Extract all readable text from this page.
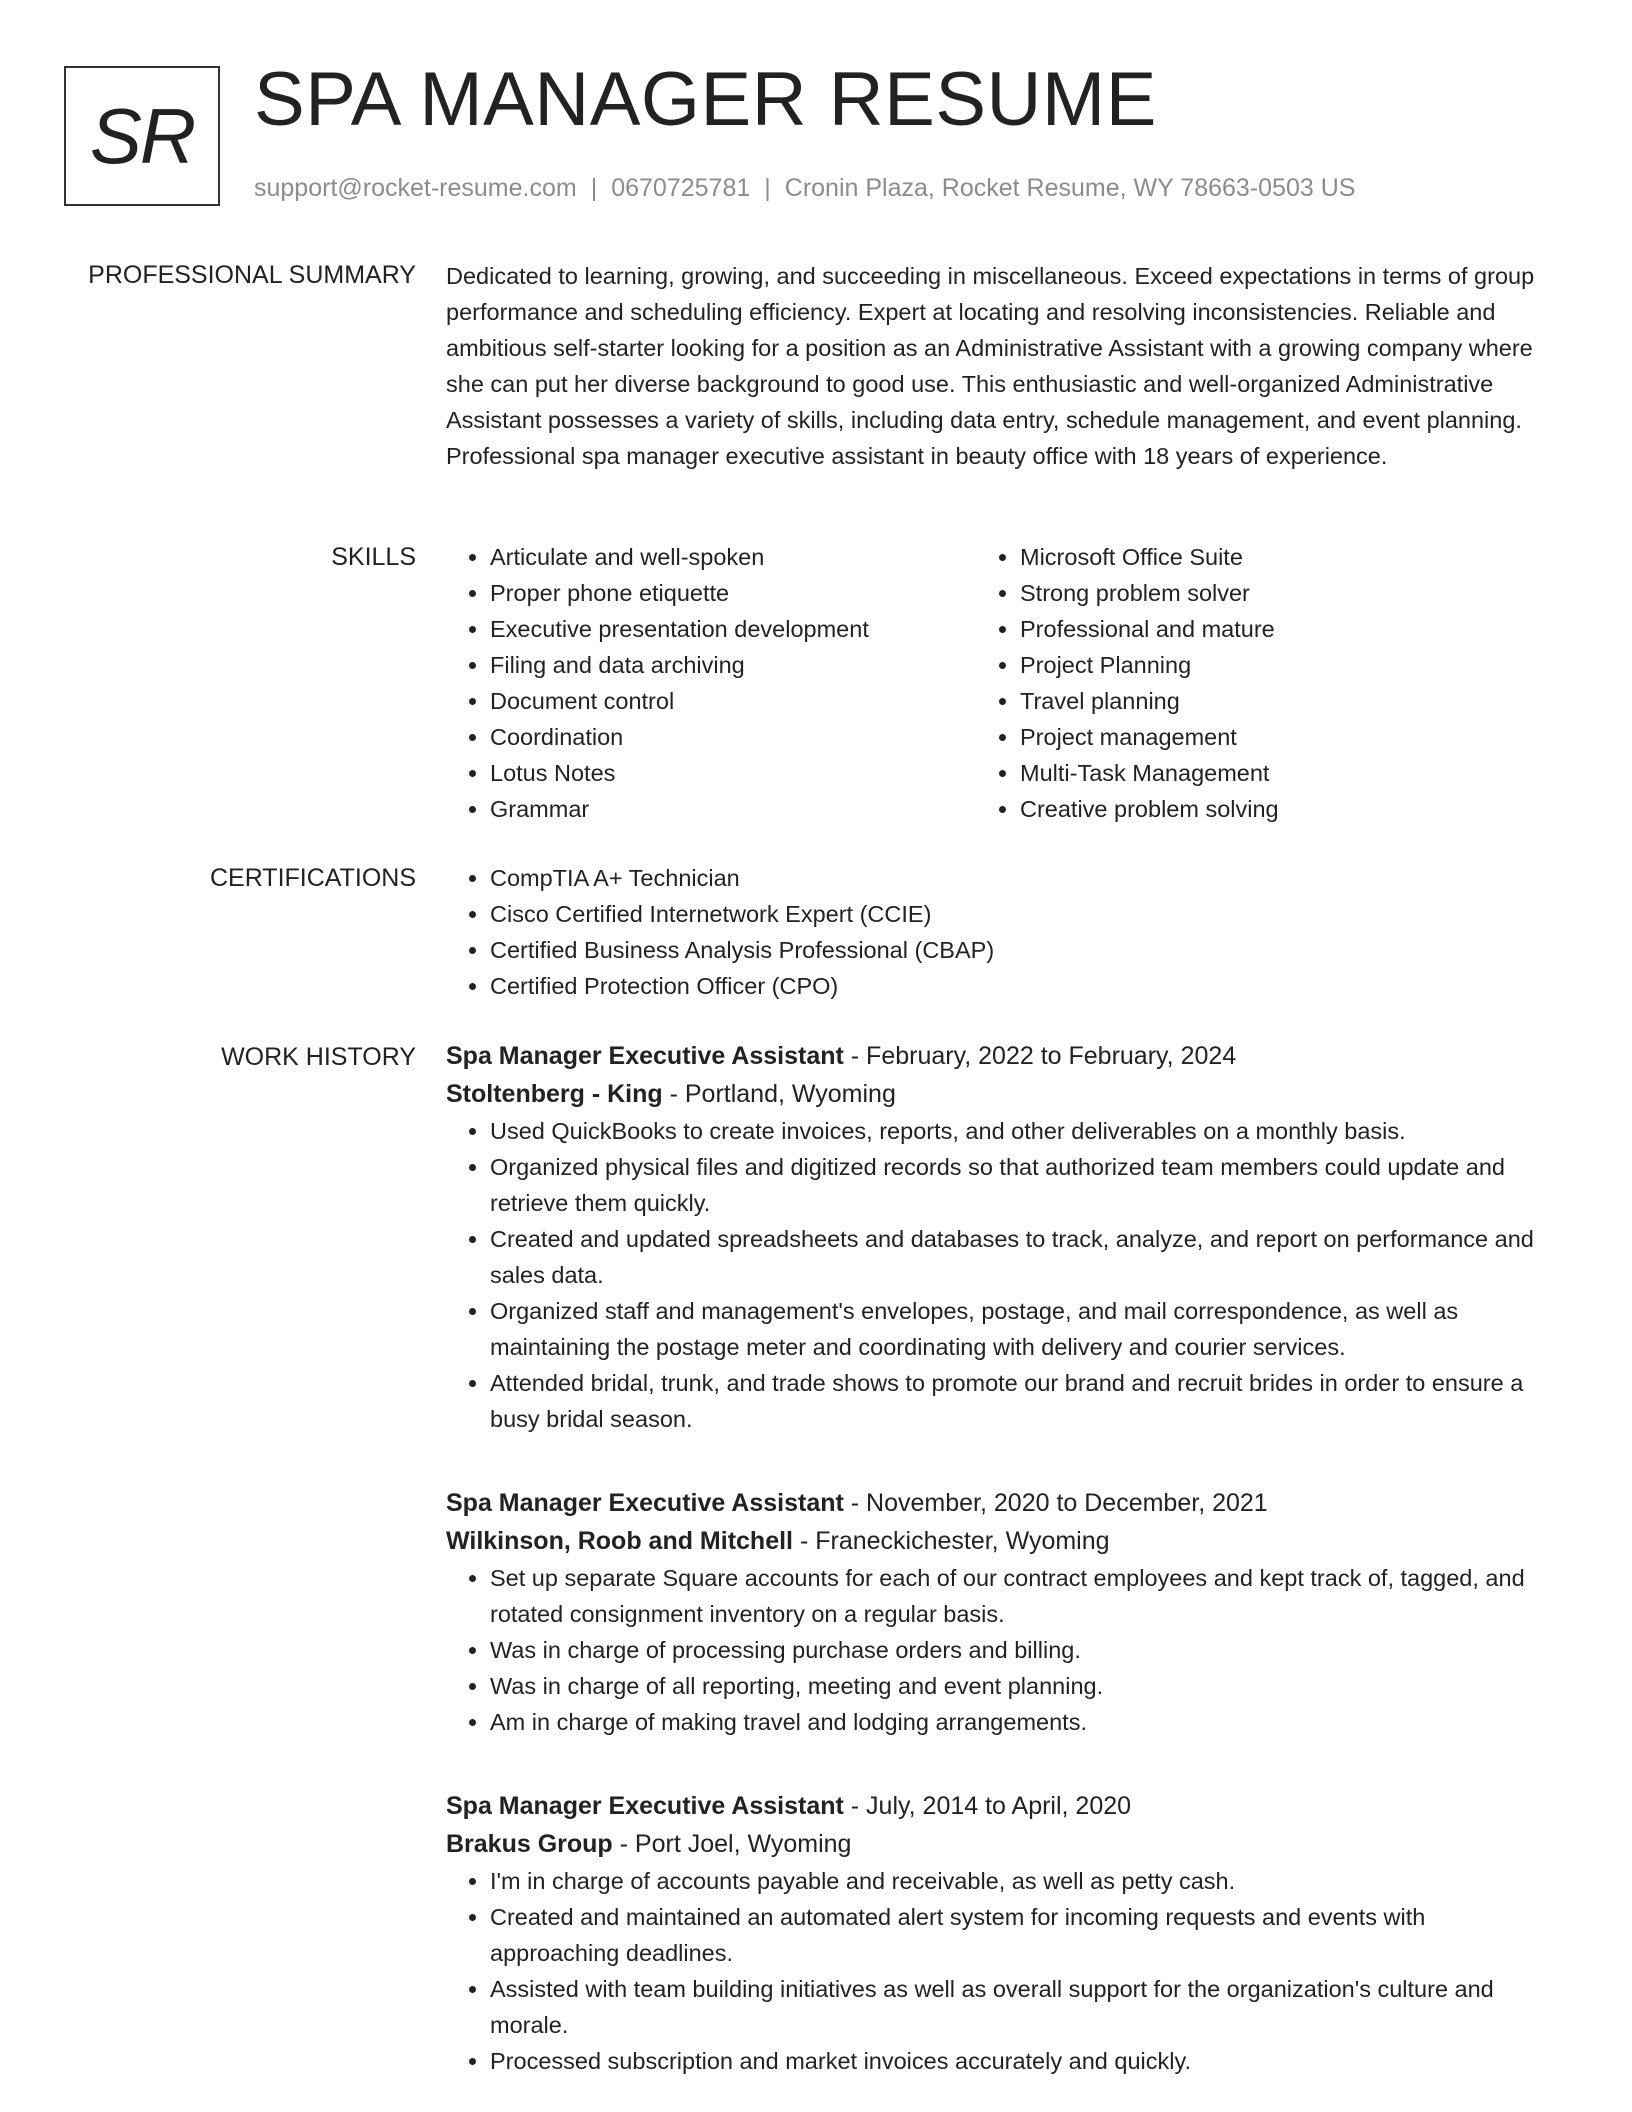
SR SPA MANAGER RESUME
support@rocket-resume.com | 0670725781 | Cronin Plaza, Rocket Resume, WY 78663-0503 US
PROFESSIONAL SUMMARY Dedicated to learning, growing, and succeeding in miscellaneous. Exceed expectations in terms of group performance and scheduling efficiency. Expert at locating and resolving inconsistencies. Reliable and ambitious self-starter looking for a position as an Administrative Assistant with a growing company where she can put her diverse background to good use. This enthusiastic and well-organized Administrative Assistant possesses a variety of skills, including data entry, schedule management, and event planning. Professional spa manager executive assistant in beauty office with 18 years of experience.

SKILLS	• Articulate and well-spoken
• Proper phone etiquette
• Executive presentation development
• Filing and data archiving
• Document control
• Coordination
• Lotus Notes
• Grammar
• Microsoft Office Suite
• Strong problem solver
• Professional and mature
• Project Planning
• Travel planning
• Project management
• Multi-Task Management
• Creative problem solving
CERTIFICATIONS	• CompTIA A+ Technician
• Cisco Certified Internetwork Expert (CCIE)
• Certified Business Analysis Professional (CBAP)
• Certified Protection Officer (CPO)
WORK HISTORY Spa Manager Executive Assistant - February, 2022 to February, 2024

Stoltenberg - King - Portland, Wyoming

• Used QuickBooks to create invoices, reports, and other deliverables on a monthly basis.
• Organized physical files and digitized records so that authorized team members could update and retrieve them quickly.
• Created and updated spreadsheets and databases to track, analyze, and report on performance and sales data.
• Organized staff and management's envelopes, postage, and mail correspondence, as well as maintaining the postage meter and coordinating with delivery and courier services.
• Attended bridal, trunk, and trade shows to promote our brand and recruit brides in order to ensure a busy bridal season.

Spa Manager Executive Assistant - November, 2020 to December, 2021

Wilkinson, Roob and Mitchell - Franeckichester, Wyoming

• Set up separate Square accounts for each of our contract employees and kept track of, tagged, and rotated consignment inventory on a regular basis.
• Was in charge of processing purchase orders and billing.
• Was in charge of all reporting, meeting and event planning.
• Am in charge of making travel and lodging arrangements.

Spa Manager Executive Assistant - July, 2014 to April, 2020

Brakus Group - Port Joel, Wyoming

• I'm in charge of accounts payable and receivable, as well as petty cash.
• Created and maintained an automated alert system for incoming requests and events with approaching deadlines.
• Assisted with team building initiatives as well as overall support for the organization's culture and morale.
• Processed subscription and market invoices accurately and quickly.
